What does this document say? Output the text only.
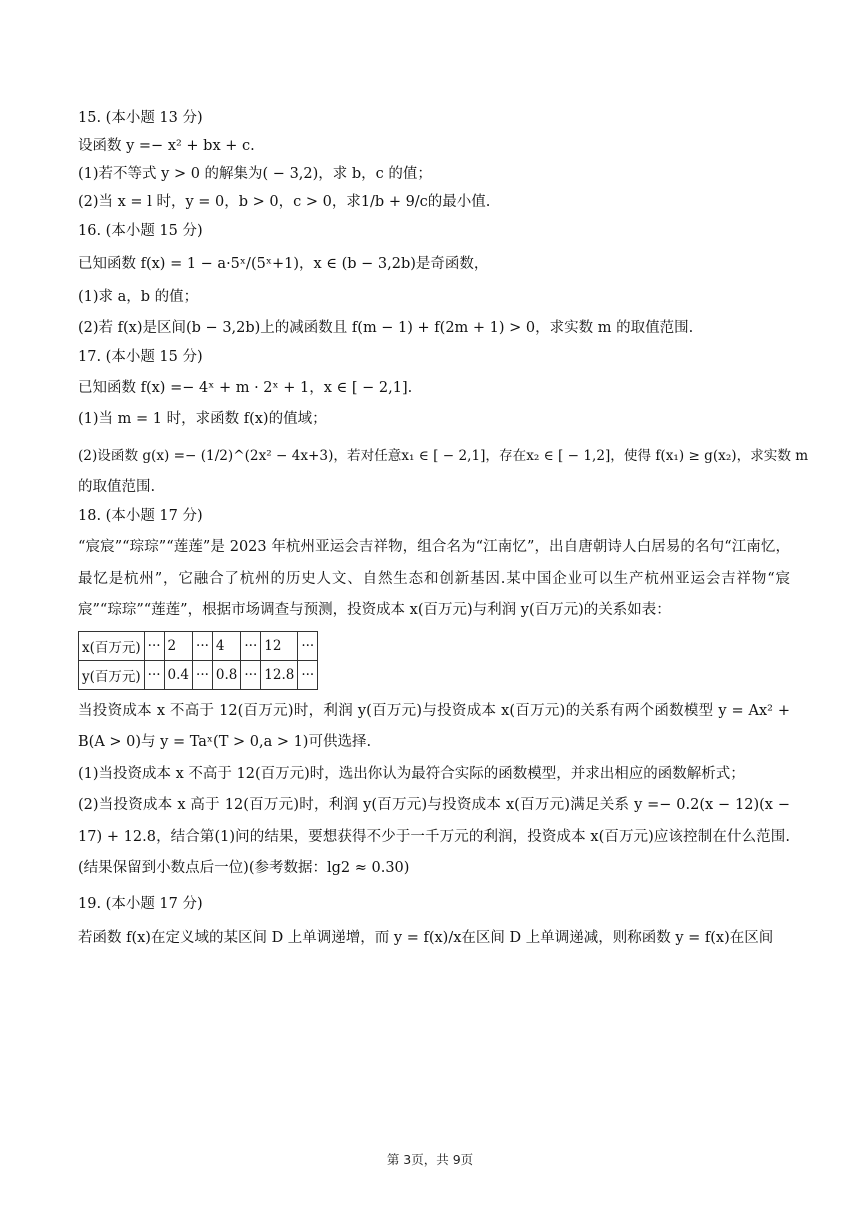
15. (本小题 13 分)

设函数 y =− x² + bx + c.

(1)若不等式 y > 0 的解集为( − 3,2)，求 b，c 的值；

(2)当 x = l 时，y = 0，b > 0，c > 0，求1/b + 9/c的最小值.

16. (本小题 15 分)

已知函数 f(x) = 1 − a·5ˣ/(5ˣ+1)，x ∈ (b − 3,2b)是奇函数，

(1)求 a，b 的值；

(2)若 f(x)是区间(b − 3,2b)上的减函数且 f(m − 1) + f(2m + 1) > 0，求实数 m 的取值范围.

17. (本小题 15 分)

已知函数 f(x) =− 4ˣ + m · 2ˣ + 1，x ∈ [ − 2,1].

(1)当 m = 1 时，求函数 f(x)的值域；

(2)设函数 g(x) =− (1/2)^(2x² − 4x+3)，若对任意x₁ ∈ [ − 2,1]，存在x₂ ∈ [ − 1,2]，使得 f(x₁) ≥ g(x₂)，求实数 m

的取值范围.

18. (本小题 17 分)

“宸宸”“琮琮”“莲莲”是 2023 年杭州亚运会吉祥物，组合名为“江南忆”，出自唐朝诗人白居易的名句“江南忆，最忆是杭州”，它融合了杭州的历史人文、自然生态和创新基因.某中国企业可以生产杭州亚运会吉祥物“宸宸”“琮琮”“莲莲”，根据市场调查与预测，投资成本 x(百万元)与利润 y(百万元)的关系如表：

x(百万元)	···	2	···	4	···	12	···
y(百万元)	···	0.4	···	0.8	···	12.8	···

当投资成本 x 不高于 12(百万元)时，利润 y(百万元)与投资成本 x(百万元)的关系有两个函数模型 y = Ax² + B(A > 0)与 y = Taˣ(T > 0,a > 1)可供选择.

(1)当投资成本 x 不高于 12(百万元)时，选出你认为最符合实际的函数模型，并求出相应的函数解析式；

(2)当投资成本 x 高于 12(百万元)时，利润 y(百万元)与投资成本 x(百万元)满足关系 y =− 0.2(x − 12)(x − 17) + 12.8，结合第(1)问的结果，要想获得不少于一千万元的利润，投资成本 x(百万元)应该控制在什么范围.(结果保留到小数点后一位)(参考数据：lg2 ≈ 0.30)

19. (本小题 17 分)

若函数 f(x)在定义域的某区间 D 上单调递增，而 y = f(x)/x在区间 D 上单调递减，则称函数 y = f(x)在区间

第 3页，共 9页
